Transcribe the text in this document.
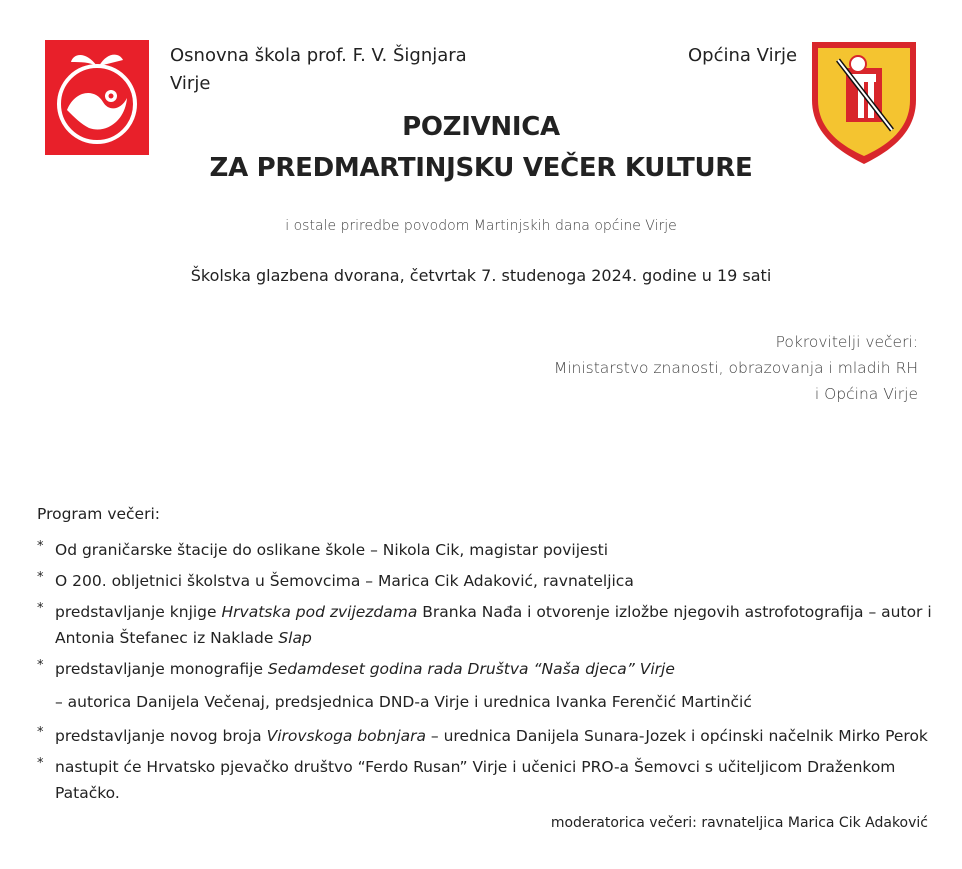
Osnovna škola prof. F. V. Šignjara
Virje
Općina Virje
POZIVNICA
ZA PREDMARTINJSKU VEČER KULTURE
i ostale priredbe povodom Martinjskih dana općine Virje
Školska glazbena dvorana, četvrtak 7. studenoga 2024. godine u 19 sati
Pokrovitelji večeri:
Ministarstvo znanosti, obrazovanja i mladih RH
i Općina Virje
Program večeri:
* Od graničarske štacije do oslikane škole – Nikola Cik, magistar povijesti
* O 200. obljetnici školstva u Šemovcima – Marica Cik Adaković, ravnateljica
* predstavljanje knjige Hrvatska pod zvijezdama Branka Nađa i otvorenje izložbe njegovih astrofotografija – autor i
Antonia Štefanec iz Naklade Slap
* predstavljanje monografije Sedamdeset godina rada Društva “Naša djeca” Virje
– autorica Danijela Večenaj, predsjednica DND-a Virje i urednica Ivanka Ferenčić Martinčić
* predstavljanje novog broja Virovskoga bobnjara – urednica Danijela Sunara-Jozek i općinski načelnik Mirko Perok
* nastupit će Hrvatsko pjevačko društvo “Ferdo Rusan” Virje i učenici PRO-a Šemovci s učiteljicom Draženkom Patačko.
moderatorica večeri: ravnateljica Marica Cik Adaković
